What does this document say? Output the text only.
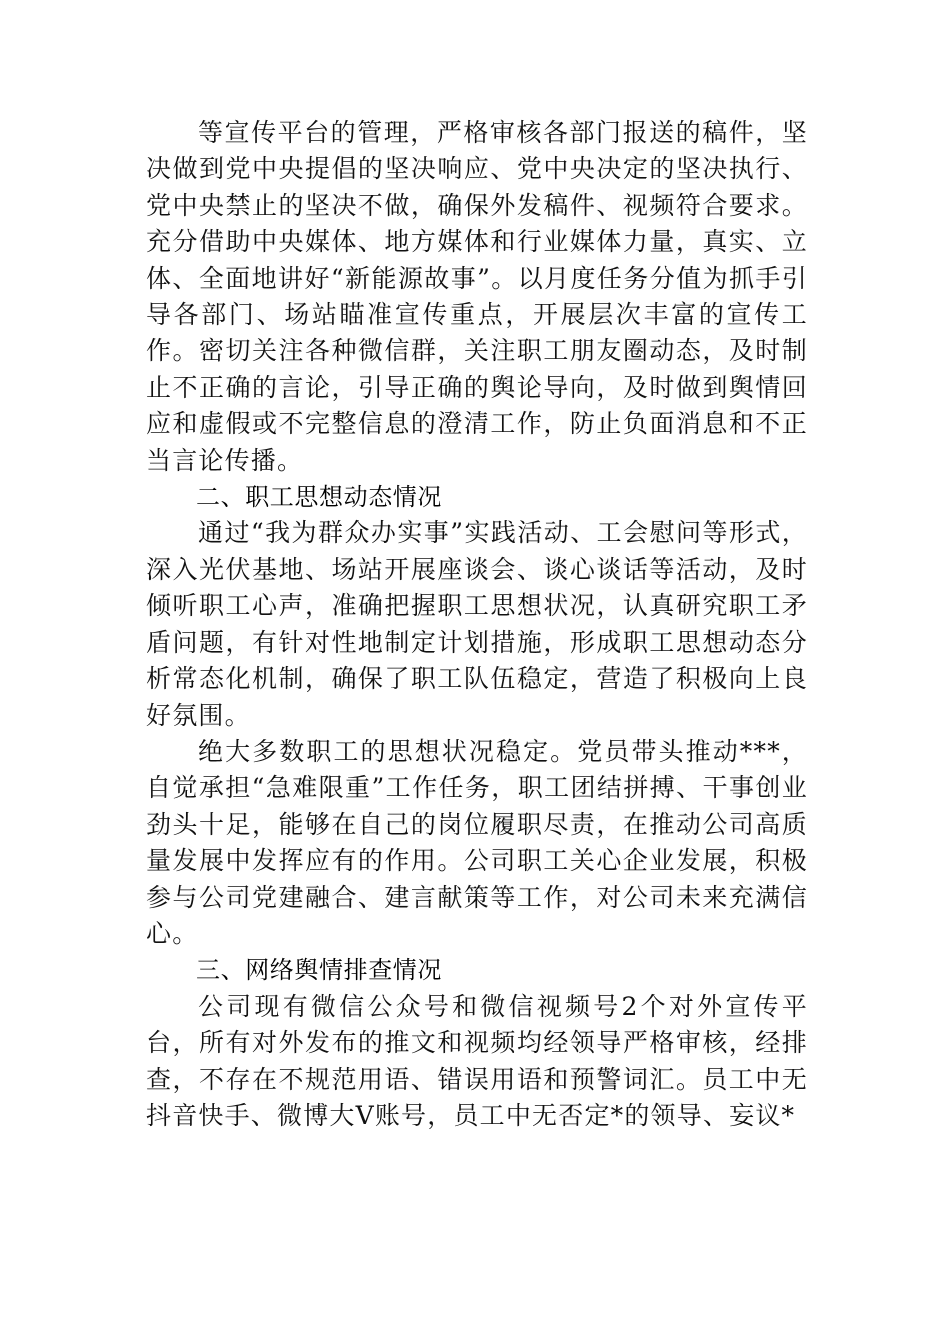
等宣传平台的管理，严格审核各部门报送的稿件，坚决做到党中央提倡的坚决响应、党中央决定的坚决执行、党中央禁止的坚决不做，确保外发稿件、视频符合要求。充分借助中央媒体、地方媒体和行业媒体力量，真实、立体、全面地讲好“新能源故事”。以月度任务分值为抓手引导各部门、场站瞄准宣传重点，开展层次丰富的宣传工作。密切关注各种微信群，关注职工朋友圈动态，及时制止不正确的言论，引导正确的舆论导向，及时做到舆情回应和虚假或不完整信息的澄清工作，防止负面消息和不正当言论传播。

二、职工思想动态情况

通过“我为群众办实事”实践活动、工会慰问等形式，深入光伏基地、场站开展座谈会、谈心谈话等活动，及时倾听职工心声，准确把握职工思想状况，认真研究职工矛盾问题，有针对性地制定计划措施，形成职工思想动态分析常态化机制，确保了职工队伍稳定，营造了积极向上良好氛围。

绝大多数职工的思想状况稳定。党员带头推动***，自觉承担“急难限重”工作任务，职工团结拼搏、干事创业劲头十足，能够在自己的岗位履职尽责，在推动公司高质量发展中发挥应有的作用。公司职工关心企业发展，积极参与公司党建融合、建言献策等工作，对公司未来充满信心。

三、网络舆情排查情况

公司现有微信公众号和微信视频号2个对外宣传平台，所有对外发布的推文和视频均经领导严格审核，经排查，不存在不规范用语、错误用语和预警词汇。员工中无抖音快手、微博大V账号，员工中无否定*的领导、妄议*
